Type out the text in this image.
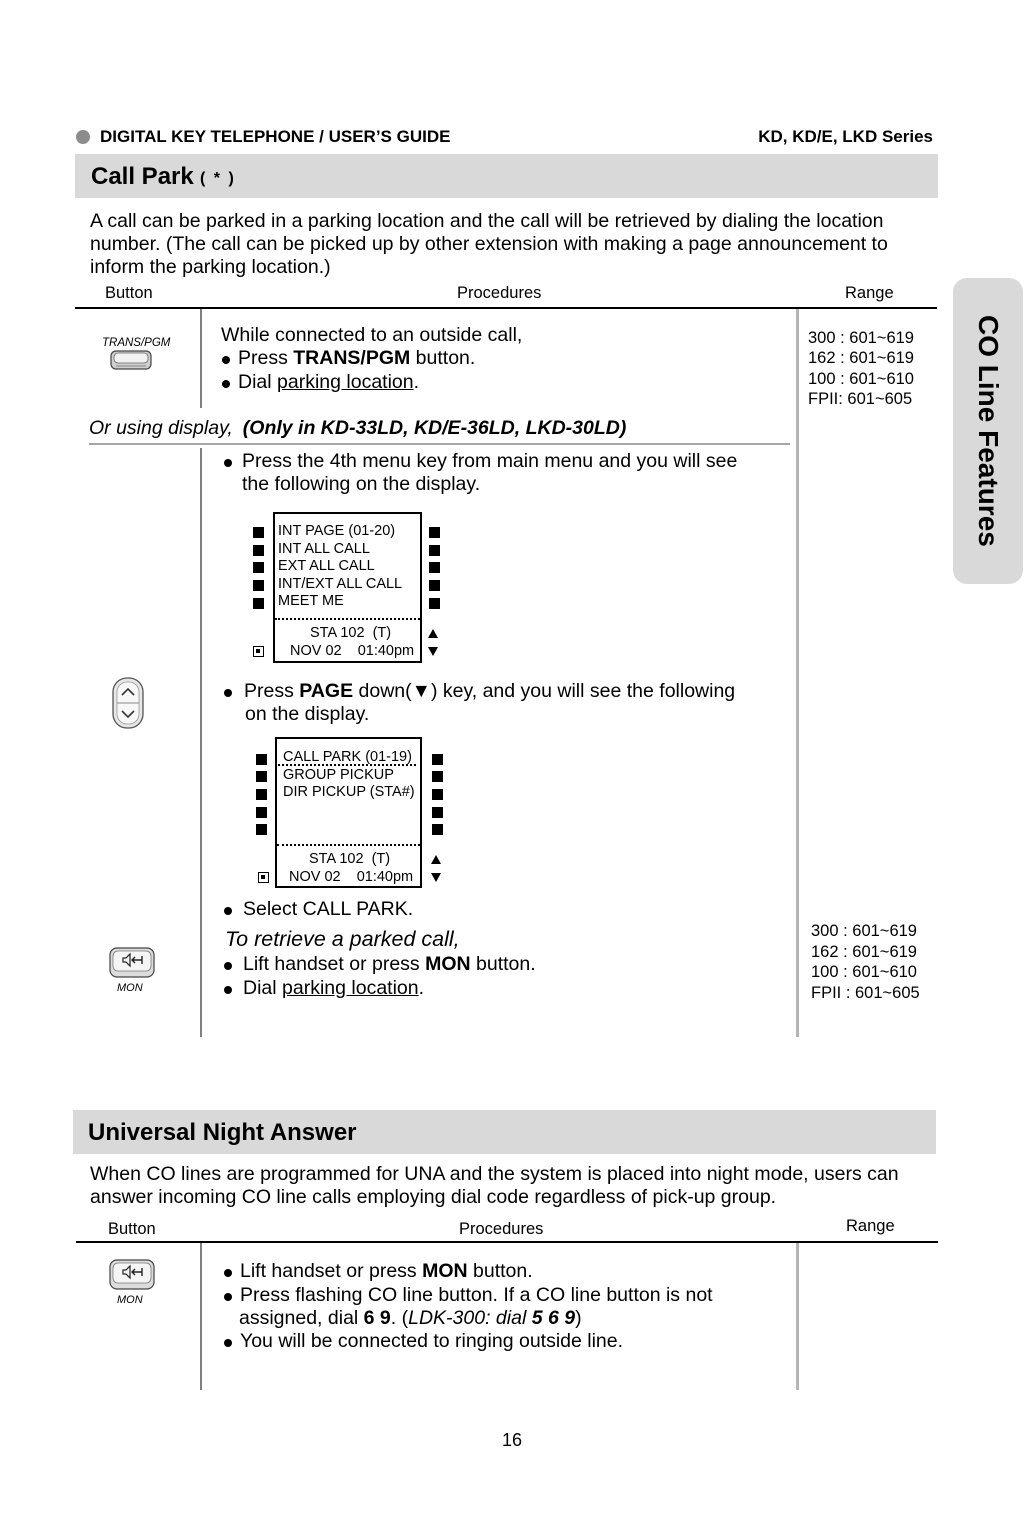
DIGITAL KEY TELEPHONE / USER’S GUIDE	KD, KD/E, LKD Series
CO Line Features
Call Park ( * )
A call can be parked in a parking location and the call will be retrieved by dialing the location
number. (The call can be picked up by other extension with making a page announcement to
inform the parking location.)
Button	Procedures	Range
TRANS/PGM	While connected to an outside call,
Press TRANS/PGM button.
Dial parking location.
300 : 601~619
162 : 601~619
100 : 601~610
FPII: 601~605
Or using display, (Only in KD-33LD, KD/E-36LD, LKD-30LD)
Press the 4th menu key from main menu and you will see
the following on the display.
INT PAGE (01-20)
INT ALL CALL
EXT ALL CALL
INT/EXT ALL CALL
MEET ME
STA 102  (T)
NOV 02    01:40pm
Press PAGE down(▼) key, and you will see the following
on the display.
CALL PARK (01-19)
GROUP PICKUP
DIR PICKUP (STA#)
STA 102  (T)
NOV 02    01:40pm
Select CALL PARK.
To retrieve a parked call,
MON
Lift handset or press MON button.
Dial parking location.
300 : 601~619
162 : 601~619
100 : 601~610
FPII : 601~605
Universal Night Answer
When CO lines are programmed for UNA and the system is placed into night mode, users can
answer incoming CO line calls employing dial code regardless of pick-up group.
Button	Procedures	Range
MON
Lift handset or press MON button.
Press flashing CO line button. If a CO line button is not
assigned, dial 6 9. (LDK-300: dial 5 6 9)
You will be connected to ringing outside line.
16
